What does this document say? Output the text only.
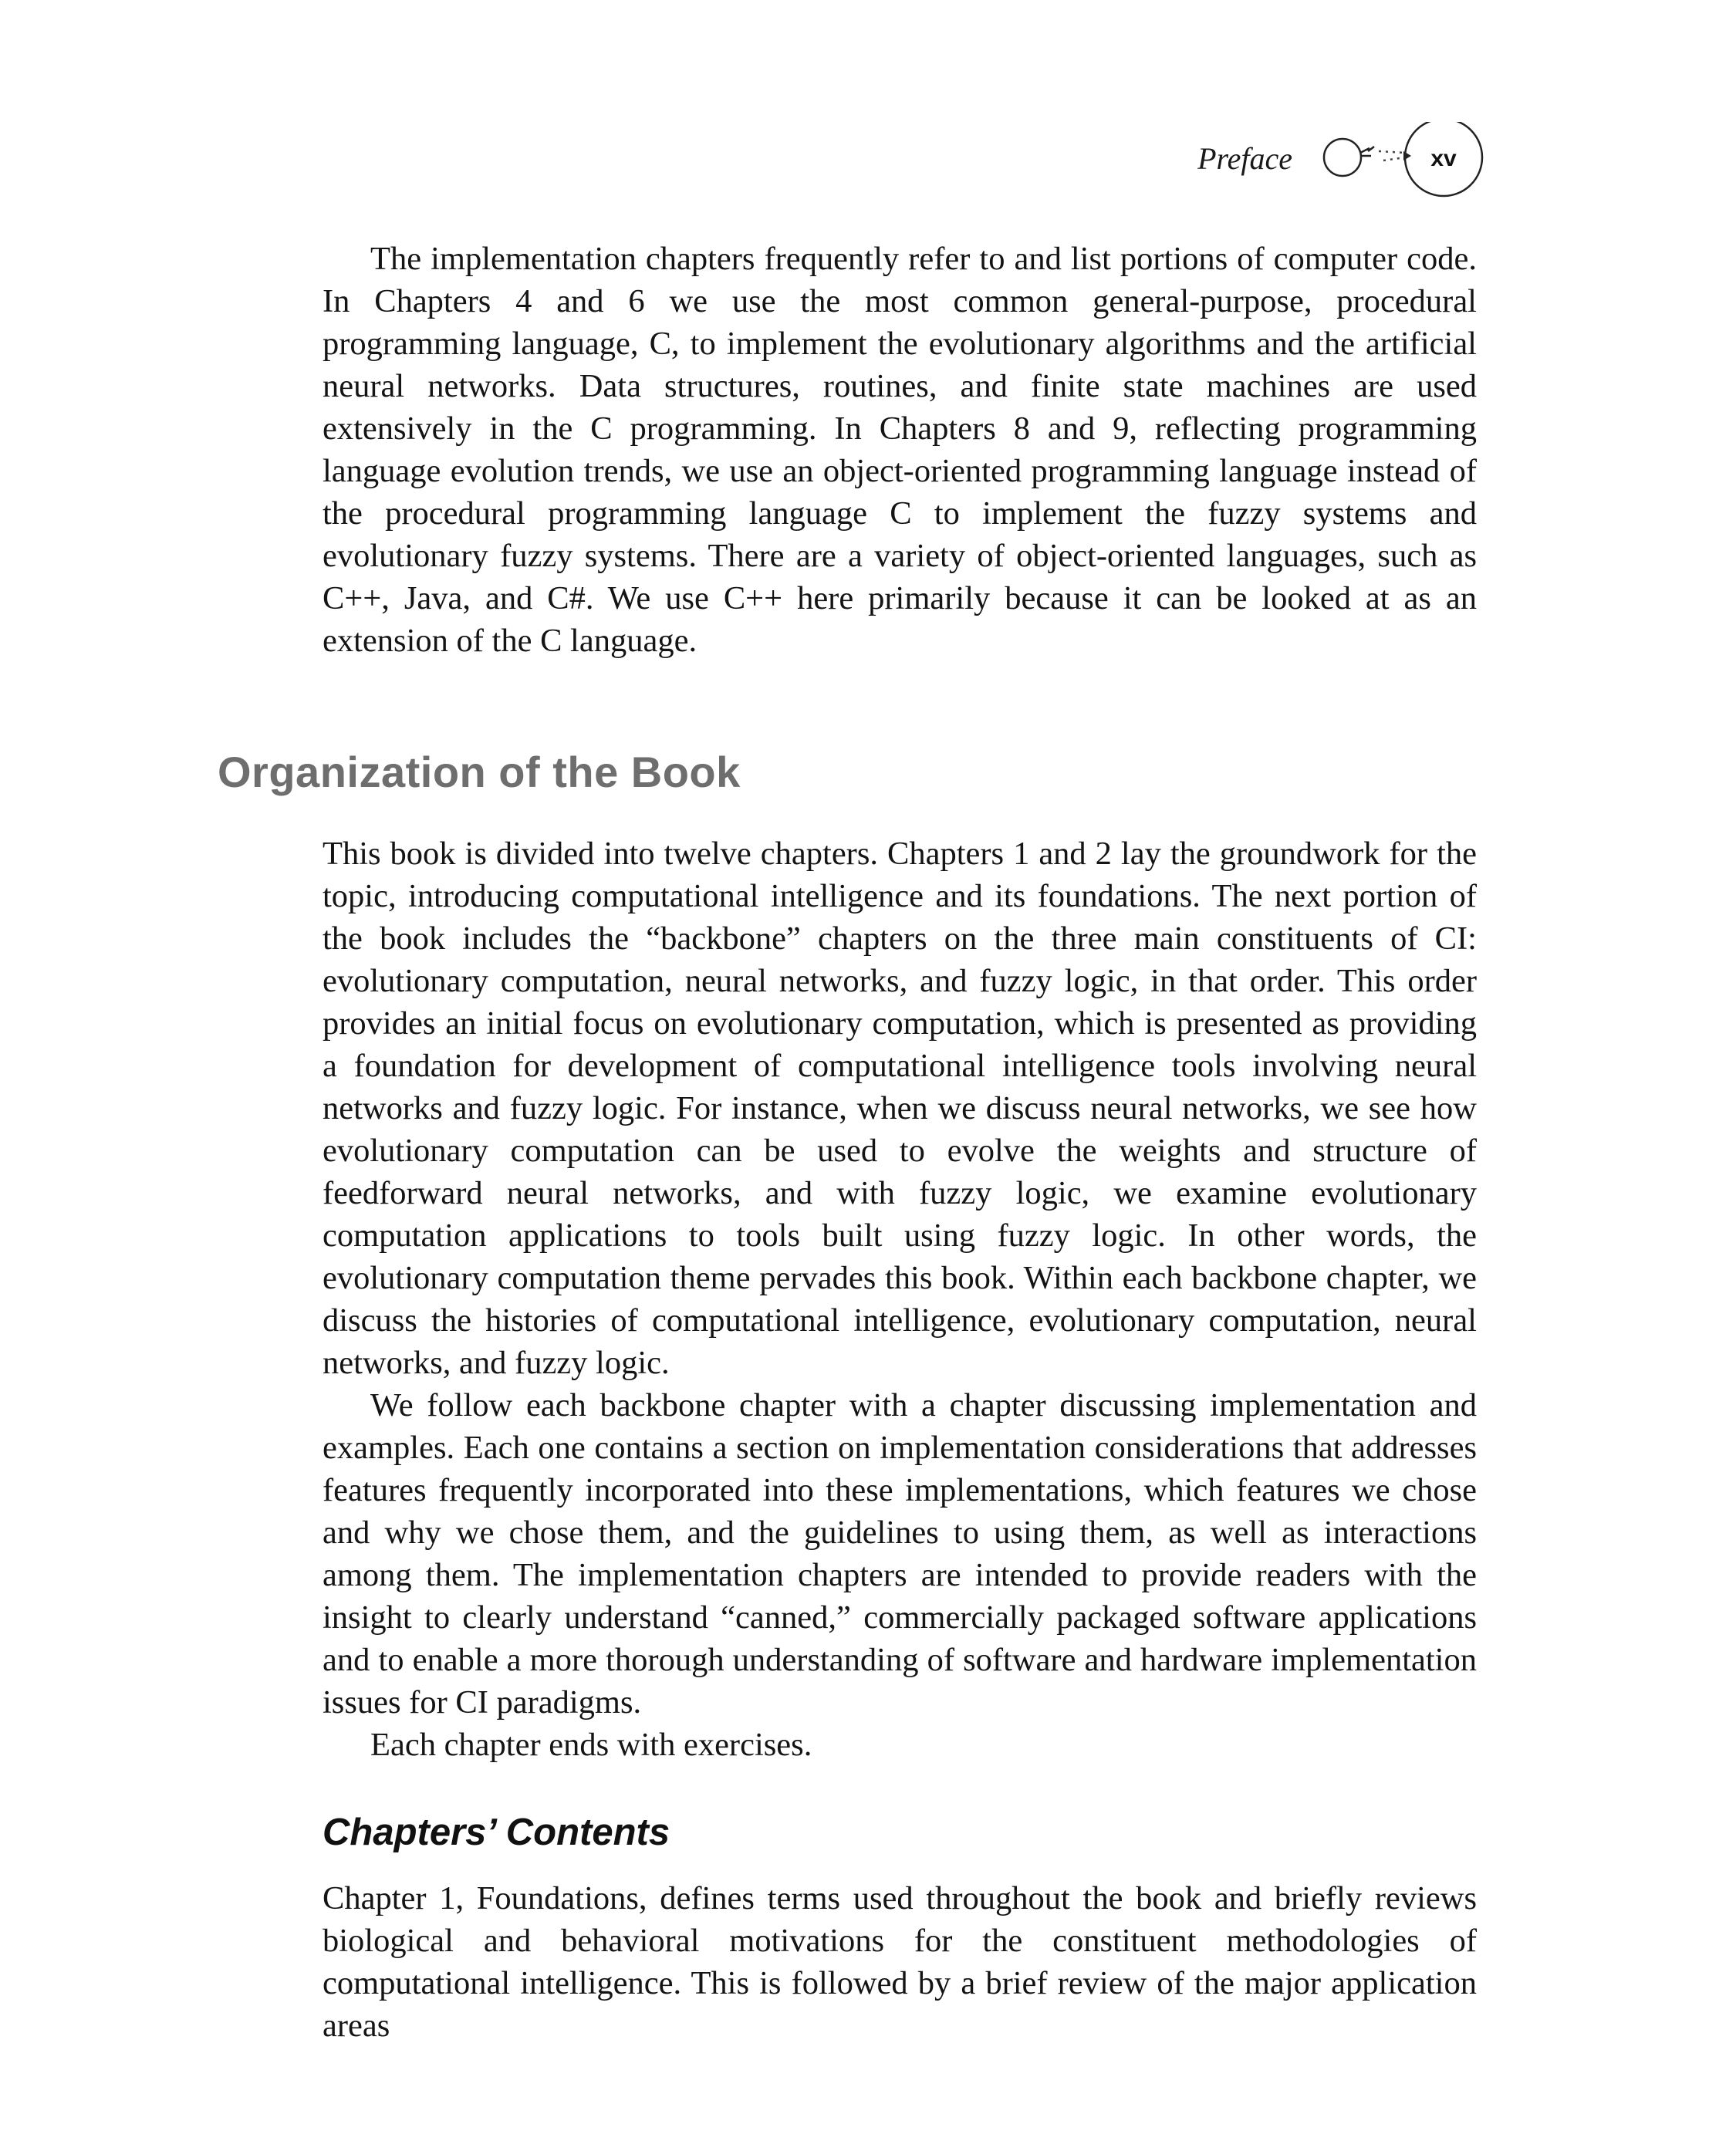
Preface	xv

The implementation chapters frequently refer to and list portions of computer code. In Chapters 4 and 6 we use the most common general-purpose, procedural programming language, C, to implement the evolutionary algorithms and the artificial neural networks. Data structures, routines, and finite state machines are used extensively in the C programming. In Chapters 8 and 9, reflecting programming language evolution trends, we use an object-oriented programming language instead of the procedural programming language C to implement the fuzzy systems and evolutionary fuzzy systems. There are a variety of object-oriented languages, such as C++, Java, and C#. We use C++ here primarily because it can be looked at as an extension of the C language.

Organization of the Book

This book is divided into twelve chapters. Chapters 1 and 2 lay the groundwork for the topic, introducing computational intelligence and its foundations. The next portion of the book includes the “backbone” chapters on the three main constituents of CI: evolutionary computation, neural networks, and fuzzy logic, in that order. This order provides an initial focus on evolutionary computation, which is presented as providing a foundation for development of computational intelligence tools involving neural networks and fuzzy logic. For instance, when we discuss neural networks, we see how evolutionary computation can be used to evolve the weights and structure of feedforward neural networks, and with fuzzy logic, we examine evolutionary computation applications to tools built using fuzzy logic. In other words, the evolutionary computation theme pervades this book. Within each backbone chapter, we discuss the histories of computational intelligence, evolutionary computation, neural networks, and fuzzy logic.

We follow each backbone chapter with a chapter discussing implementation and examples. Each one contains a section on implementation considerations that addresses features frequently incorporated into these implementations, which features we chose and why we chose them, and the guidelines to using them, as well as interactions among them. The implementation chapters are intended to provide readers with the insight to clearly understand “canned,” commercially packaged software applications and to enable a more thorough understanding of software and hardware implementation issues for CI paradigms.

Each chapter ends with exercises.

Chapters’ Contents

Chapter 1, Foundations, defines terms used throughout the book and briefly reviews biological and behavioral motivations for the constituent methodologies of computational intelligence. This is followed by a brief review of the major application areas
